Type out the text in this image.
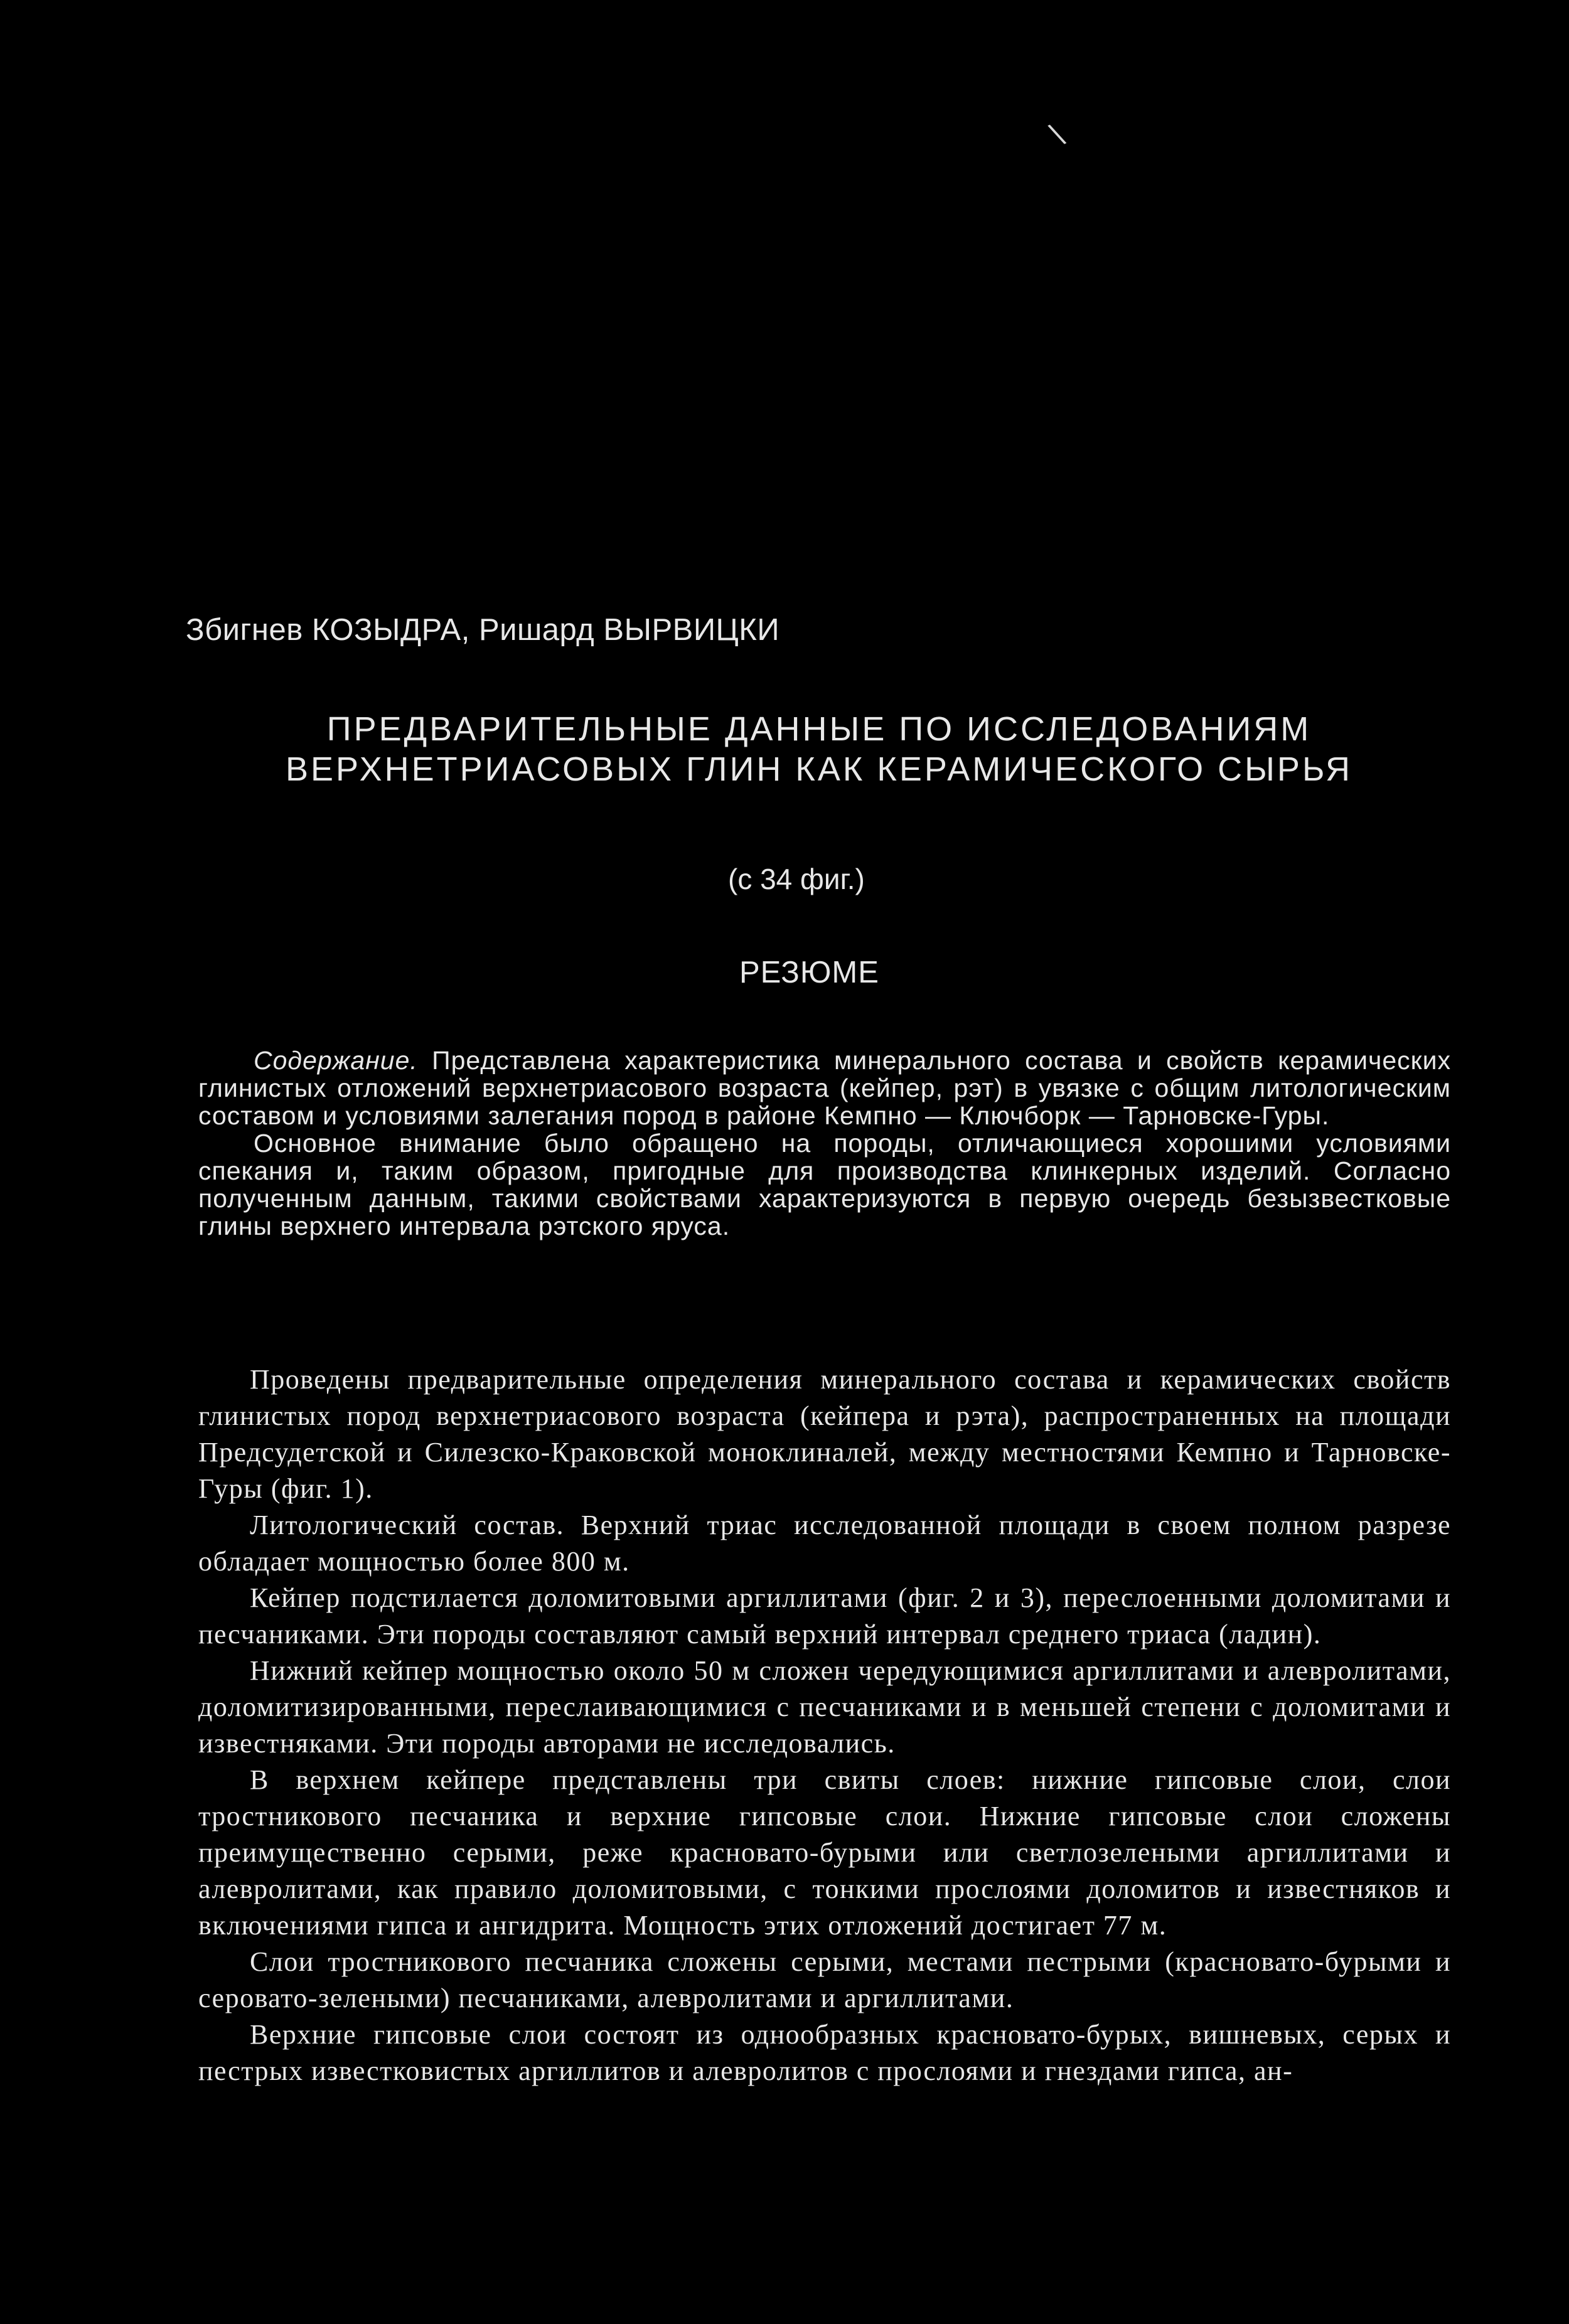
\
Збигнев КОЗЫДРА, Ришард ВЫРВИЦКИ
ПРЕДВАРИТЕЛЬНЫЕ ДАННЫЕ ПО ИССЛЕДОВАНИЯМ
ВЕРХНЕТРИАСОВЫХ ГЛИН КАК КЕРАМИЧЕСКОГО СЫРЬЯ
(с 34 фиг.)
РЕЗЮМЕ

Содержание. Представлена характеристика минерального состава и свойств керамических глинистых отложений верхнетриасового возраста (кейпер, рэт) в увязке с общим литологическим составом и условиями залегания пород в районе Кемпно — Ключборк — Тарновске-Гуры.

Основное внимание было обращено на породы, отличающиеся хорошими условиями спекания и, таким образом, пригодные для производства клинкерных изделий. Согласно полученным данным, такими свойствами характеризуются в первую очередь безызвестковые глины верхнего интервала рэтского яруса.

Проведены предварительные определения минерального состава и керамических свойств глинистых пород верхнетриасового возраста (кейпера и рэта), распространенных на площади Предсудетской и Силезско-Краковской моноклиналей, между местностями Кемпно и Тарновске-Гуры (фиг. 1).

Литологический состав. Верхний триас исследованной площади в своем полном разрезе обладает мощностью более 800 м.

Кейпер подстилается доломитовыми аргиллитами (фиг. 2 и 3), переслоенными доломитами и песчаниками. Эти породы составляют самый верхний интервал среднего триаса (ладин).

Нижний кейпер мощностью около 50 м сложен чередующимися аргиллитами и алевролитами, доломитизированными, переслаивающимися с песчаниками и в меньшей степени с доломитами и известняками. Эти породы авторами не исследовались.

В верхнем кейпере представлены три свиты слоев: нижние гипсовые слои, слои тростникового песчаника и верхние гипсовые слои. Нижние гипсовые слои сложены преимущественно серыми, реже красновато-бурыми или светлозелеными аргиллитами и алевролитами, как правило доломитовыми, с тонкими прослоями доломитов и известняков и включениями гипса и ангидрита. Мощность этих отложений достигает 77 м.

Слои тростникового песчаника сложены серыми, местами пестрыми (красновато-бурыми и серовато-зелеными) песчаниками, алевролитами и аргиллитами.

Верхние гипсовые слои состоят из однообразных красновато-бурых, вишневых, серых и пестрых известковистых аргиллитов и алевролитов с прослоями и гнездами гипса, ан-
